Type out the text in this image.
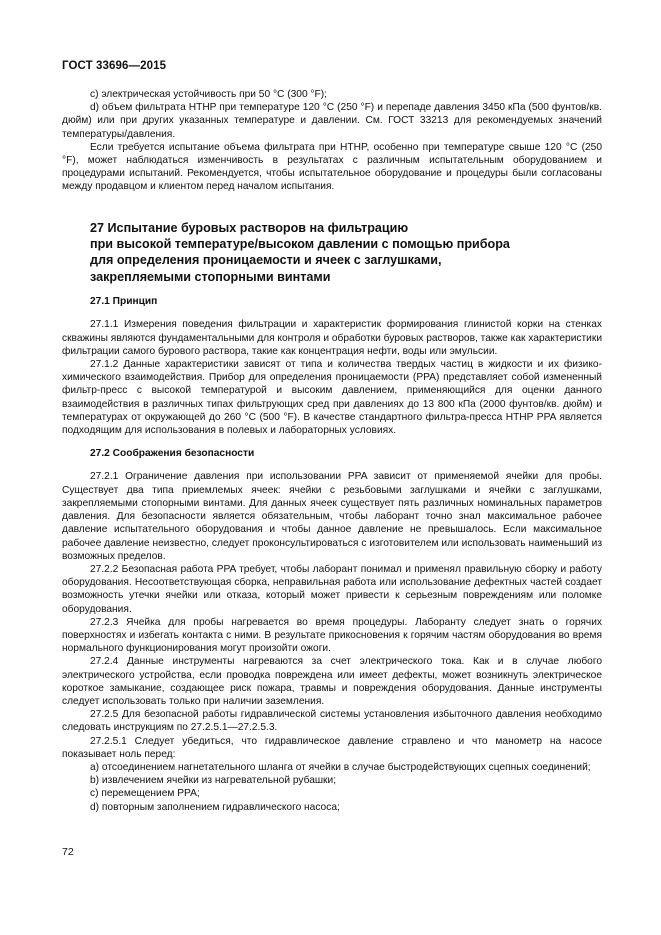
ГОСТ 33696—2015

c) электрическая устойчивость при 50 °C (300 °F);

d) объем фильтрата HTHP при температуре 120 °C (250 °F) и перепаде давления 3450 кПа (500 фунтов/кв. дюйм) или при других указанных температуре и давлении. См. ГОСТ 33213 для рекомендуемых значений температуры/давления.

Если требуется испытание объема фильтрата при HTHP, особенно при температуре свыше 120 °C (250 °F), может наблюдаться изменчивость в результатах с различным испытательным оборудованием и процедурами испытаний. Рекомендуется, чтобы испытательное оборудование и процедуры были согласованы между продавцом и клиентом перед началом испытания.

27 Испытание буровых растворов на фильтрацию

при высокой температуре/высоком давлении с помощью прибора

для определения проницаемости и ячеек с заглушками,

закрепляемыми стопорными винтами

27.1 Принцип

27.1.1 Измерения поведения фильтрации и характеристик формирования глинистой корки на стенках скважины являются фундаментальными для контроля и обработки буровых растворов, также как характеристики фильтрации самого бурового раствора, такие как концентрация нефти, воды или эмульсии.

27.1.2 Данные характеристики зависят от типа и количества твердых частиц в жидкости и их физико-химического взаимодействия. Прибор для определения проницаемости (PPA) представляет собой измененный фильтр-пресс с высокой температурой и высоким давлением, применяющийся для оценки данного взаимодействия в различных типах фильтрующих сред при давлениях до 13 800 кПа (2000 фунтов/кв. дюйм) и температурах от окружающей до 260 °C (500 °F). В качестве стандартного фильтра-пресса HTHP PPA является подходящим для использования в полевых и лабораторных условиях.

27.2 Соображения безопасности

27.2.1 Ограничение давления при использовании PPA зависит от применяемой ячейки для пробы. Существует два типа приемлемых ячеек: ячейки с резьбовыми заглушками и ячейки с заглушками, закрепляемыми стопорными винтами. Для данных ячеек существует пять различных номинальных параметров давления. Для безопасности является обязательным, чтобы лаборант точно знал максимальное рабочее давление испытательного оборудования и чтобы данное давление не превышалось. Если максимальное рабочее давление неизвестно, следует проконсультироваться с изготовителем или использовать наименьший из возможных пределов.

27.2.2 Безопасная работа PPA требует, чтобы лаборант понимал и применял правильную сборку и работу оборудования. Несоответствующая сборка, неправильная работа или использование дефектных частей создает возможность утечки ячейки или отказа, который может привести к серьезным повреждениям или поломке оборудования.

27.2.3 Ячейка для пробы нагревается во время процедуры. Лаборанту следует знать о горячих поверхностях и избегать контакта с ними. В результате прикосновения к горячим частям оборудования во время нормального функционирования могут произойти ожоги.

27.2.4 Данные инструменты нагреваются за счет электрического тока. Как и в случае любого электрического устройства, если проводка повреждена или имеет дефекты, может возникнуть электрическое короткое замыкание, создающее риск пожара, травмы и повреждения оборудования. Данные инструменты следует использовать только при наличии заземления.

27.2.5 Для безопасной работы гидравлической системы установления избыточного давления необходимо следовать инструкциям по 27.2.5.1—27.2.5.3.

27.2.5.1 Следует убедиться, что гидравлическое давление стравлено и что манометр на насосе показывает ноль перед:

a) отсоединением нагнетательного шланга от ячейки в случае быстродействующих сцепных соединений;

b) извлечением ячейки из нагревательной рубашки;

c) перемещением PPA;

d) повторным заполнением гидравлического насоса;

72
